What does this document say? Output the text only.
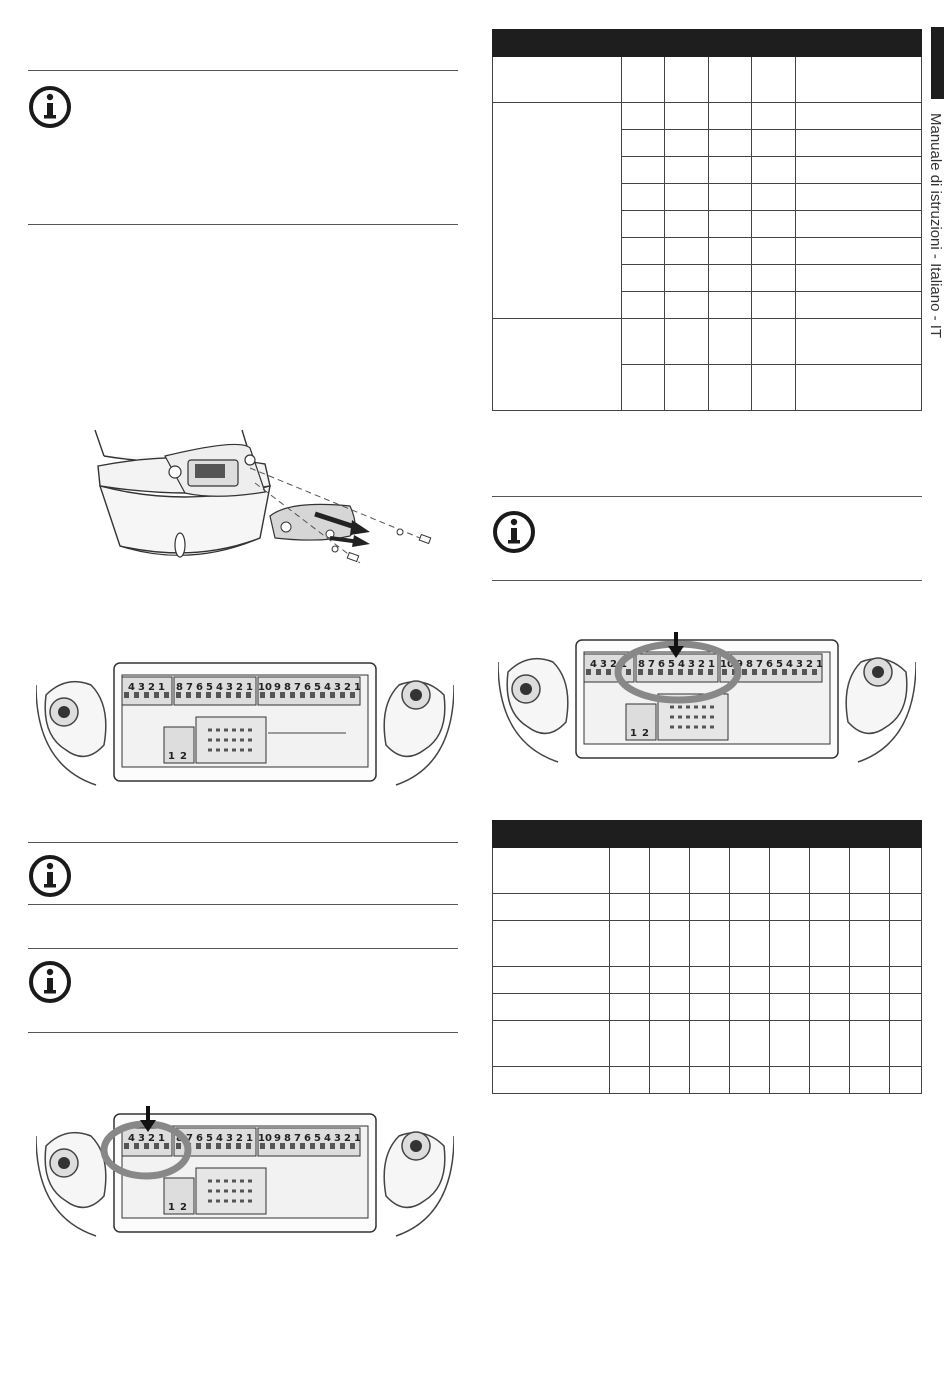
4 3 2 1 8 7 6 5 4 3 2 1 10 9 8 7 6 5 4 3 2 1
1 2
4 3 2 1 8 7 6 5 4 3 2 1 10 9 8 7 6 5 4 3 2 1
1 2
Manuale di istruzioni - Italiano - IT

4 3 2 1 8 7 6 5 4 3 2 1 10 9 8 7 6 5 4 3 2 1
1 2
